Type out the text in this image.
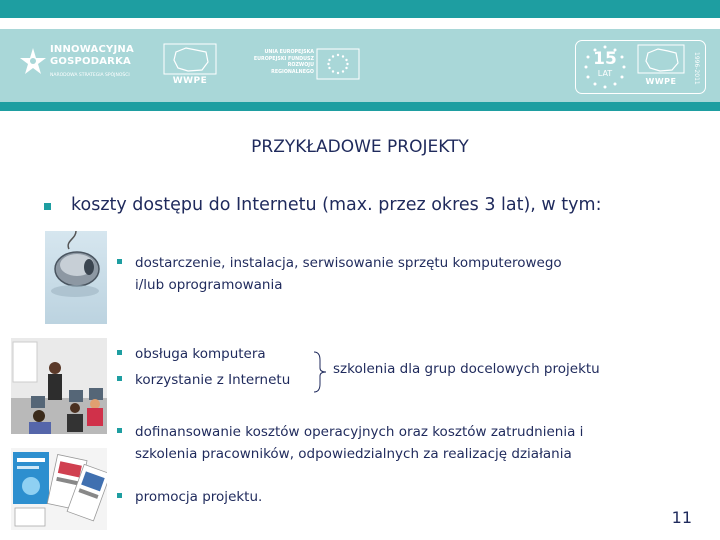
INNOWACYJNA
GOSPODARKA
NARODOWA STRATEGIA SPÓJNOŚCI
WWPE
UNIA EUROPEJSKA
EUROPEJSKI FUNDUSZ
ROZWOJU REGIONALNEGO
15
LAT
WWPE	1996-2011
PRZYKŁADOWE PROJEKTY
koszty dostępu do Internetu (max. przez okres 3 lat), w tym:
dostarczenie, instalacja, serwisowanie sprzętu komputerowego
i/lub oprogramowania
obsługa komputera
korzystanie z Internetu
szkolenia dla grup docelowych projektu
dofinansowanie kosztów operacyjnych oraz kosztów zatrudnienia i
szkolenia pracowników, odpowiedzialnych za realizację działania
promocja projektu.
11
